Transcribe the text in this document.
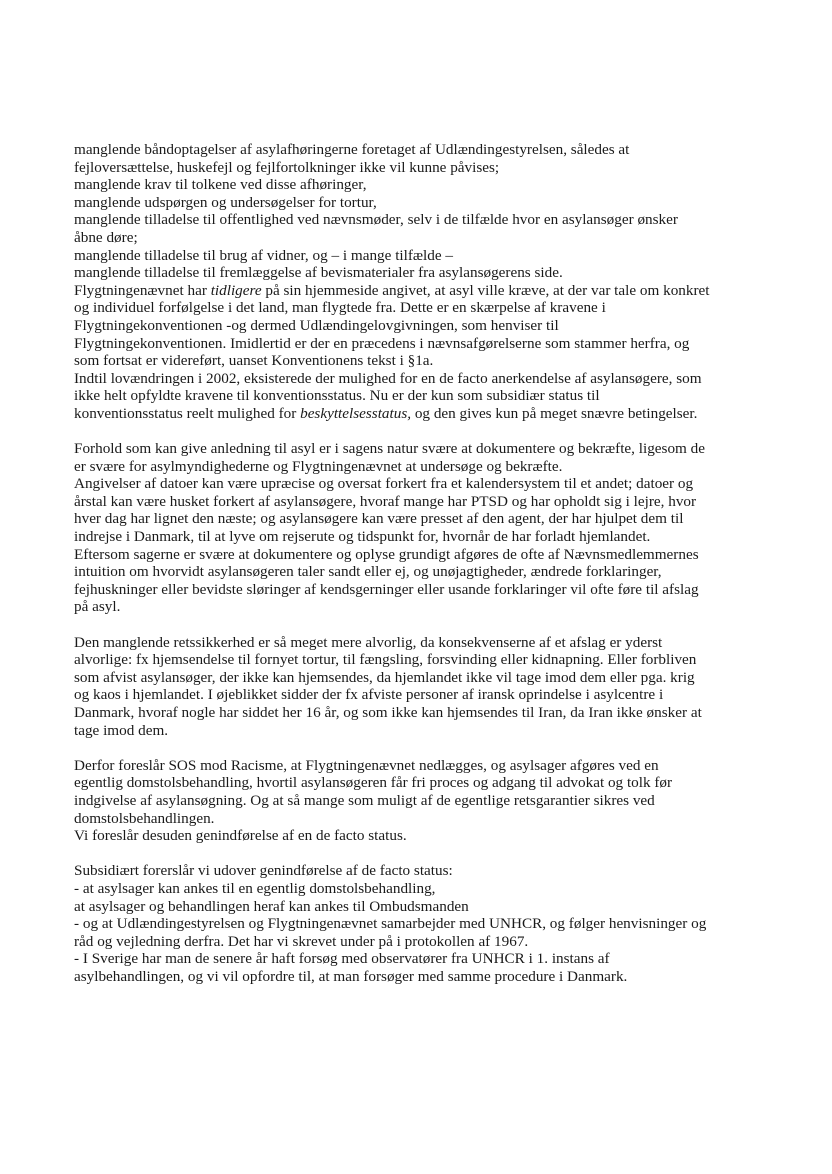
manglende båndoptagelser af asylafhøringerne foretaget af Udlændingestyrelsen, således at
fejloversættelse, huskefejl og fejlfortolkninger ikke vil kunne påvises;
manglende krav til tolkene ved disse afhøringer,
manglende udspørgen og undersøgelser for tortur,
manglende tilladelse til offentlighed ved nævnsmøder, selv i de tilfælde hvor en asylansøger ønsker
åbne døre;
manglende tilladelse til brug af vidner, og – i mange tilfælde –
manglende tilladelse til fremlæggelse af bevismaterialer fra asylansøgerens side.
Flygtningenævnet har tidligere på sin hjemmeside angivet, at asyl ville kræve, at der var tale om konkret
og individuel forfølgelse i det land, man flygtede fra. Dette er en skærpelse af kravene i
Flygtningekonventionen -og dermed Udlændingelovgivningen, som henviser til
Flygtningekonventionen. Imidlertid er der en præcedens i nævnsafgørelserne som stammer herfra, og
som fortsat er videreført, uanset Konventionens tekst i §1a.
Indtil lovændringen i 2002, eksisterede der mulighed for en de facto anerkendelse af asylansøgere, som
ikke helt opfyldte kravene til konventionsstatus. Nu er der kun som subsidiær status til
konventionsstatus reelt mulighed for beskyttelsesstatus, og den gives kun på meget snævre betingelser.
Forhold som kan give anledning til asyl er i sagens natur svære at dokumentere og bekræfte, ligesom de
er svære for asylmyndighederne og Flygtningenævnet at undersøge og bekræfte.
Angivelser af datoer kan være upræcise og oversat forkert fra et kalendersystem til et andet; datoer og
årstal kan være husket forkert af asylansøgere, hvoraf mange har PTSD og har opholdt sig i lejre, hvor
hver dag har lignet den næste; og asylansøgere kan være presset af den agent, der har hjulpet dem til
indrejse i Danmark, til at lyve om rejserute og tidspunkt for, hvornår de har forladt hjemlandet.
Eftersom sagerne er svære at dokumentere og oplyse grundigt afgøres de ofte af Nævnsmedlemmernes
intuition om hvorvidt asylansøgeren taler sandt eller ej, og unøjagtigheder, ændrede forklaringer,
fejhuskninger eller bevidste sløringer af kendsgerninger eller usande forklaringer vil ofte føre til afslag
på asyl.
Den manglende retssikkerhed er så meget mere alvorlig, da konsekvenserne af et afslag er yderst
alvorlige: fx hjemsendelse til fornyet tortur, til fængsling, forsvinding eller kidnapning. Eller forbliven
som afvist asylansøger, der ikke kan hjemsendes, da hjemlandet ikke vil tage imod dem eller pga. krig
og kaos i hjemlandet. I øjeblikket sidder der fx afviste personer af iransk oprindelse i asylcentre i
Danmark, hvoraf nogle har siddet her 16 år, og som ikke kan hjemsendes til Iran, da Iran ikke ønsker at
tage imod dem.
Derfor foreslår SOS mod Racisme, at Flygtningenævnet nedlægges, og asylsager afgøres ved en
egentlig domstolsbehandling, hvortil asylansøgeren får fri proces og adgang til advokat og tolk før
indgivelse af asylansøgning. Og at så mange som muligt af de egentlige retsgarantier sikres ved
domstolsbehandlingen.
Vi foreslår desuden genindførelse af en de facto status.
Subsidiært forerslår vi udover genindførelse af de facto status:
- at asylsager kan ankes til en egentlig domstolsbehandling,
at asylsager og behandlingen heraf kan ankes til Ombudsmanden
- og at Udlændingestyrelsen og Flygtningenævnet samarbejder med UNHCR, og følger henvisninger og
råd og vejledning derfra. Det har vi skrevet under på i protokollen af 1967.
- I Sverige har man de senere år haft forsøg med observatører fra UNHCR i 1. instans af
asylbehandlingen, og vi vil opfordre til, at man forsøger med samme procedure i Danmark.
